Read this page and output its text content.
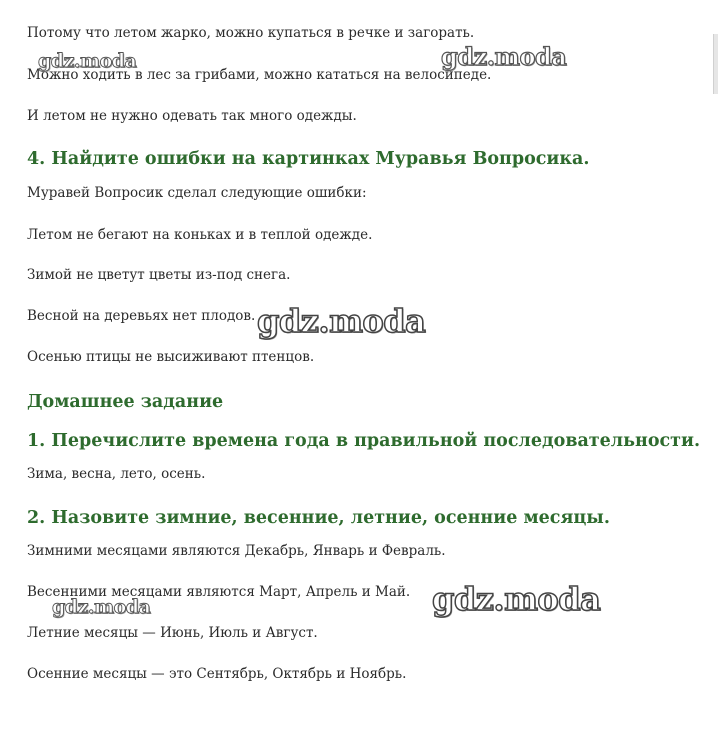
Потому что летом жарко, можно купаться в речке и загорать.
Можно ходить в лес за грибами, можно кататься на велосипеде.
И летом не нужно одевать так много одежды.
4. Найдите ошибки на картинках Муравья Вопросика.
Муравей Вопросик сделал следующие ошибки:
Летом не бегают на коньках и в теплой одежде.
Зимой не цветут цветы из-под снега.
Весной на деревьях нет плодов.
Осенью птицы не высиживают птенцов.
Домашнее задание
1. Перечислите времена года в правильной последовательности.
Зима, весна, лето, осень.
2. Назовите зимние, весенние, летние, осенние месяцы.
Зимними месяцами являются Декабрь, Январь и Февраль.
Весенними месяцами являются Март, Апрель и Май.
Летние месяцы — Июнь, Июль и Август.
Осенние месяцы — это Сентябрь, Октябрь и Ноябрь.
gdz.moda	gdz.moda
gdz.moda
gdz.moda	gdz.moda
